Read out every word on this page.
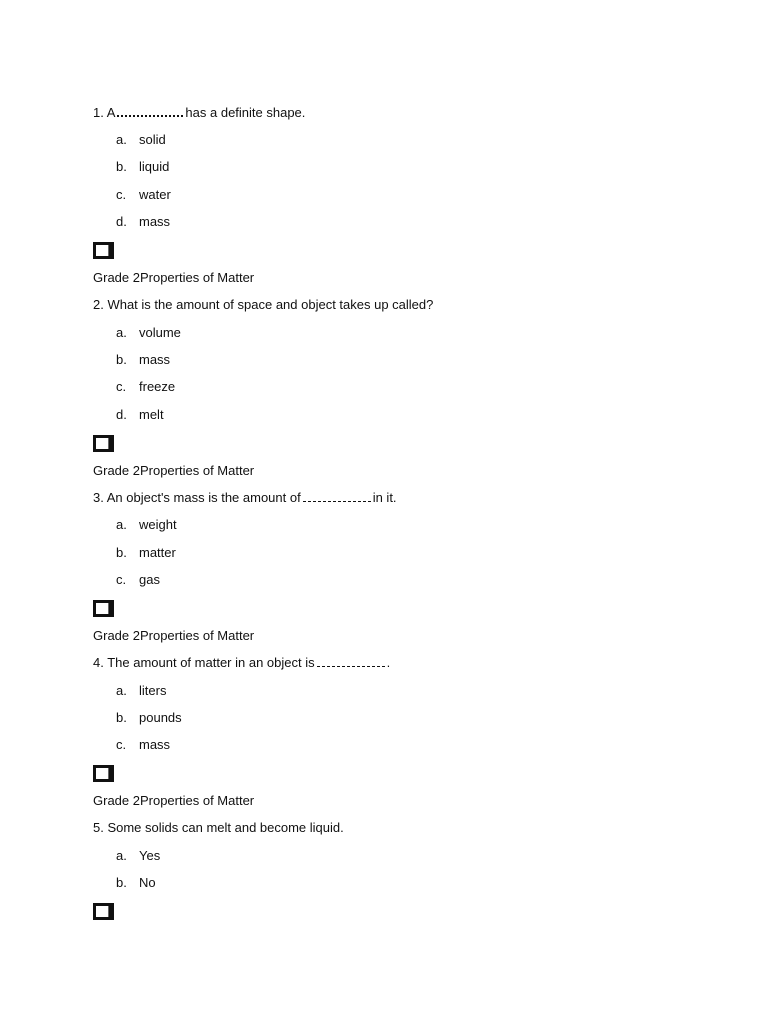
1. A	has a definite shape.
a. solid
b. liquid
c. water
d. mass
Grade 2Properties of Matter
2. What is the amount of space and object takes up called?
a. volume
b. mass
c. freeze
d. melt
Grade 2Properties of Matter
3. An object's mass is the amount of	in it.
a. weight
b. matter
c. gas
Grade 2Properties of Matter
4. The amount of matter in an object is	.
a. liters
b. pounds
c. mass
Grade 2Properties of Matter
5. Some solids can melt and become liquid.
a. Yes
b. No
